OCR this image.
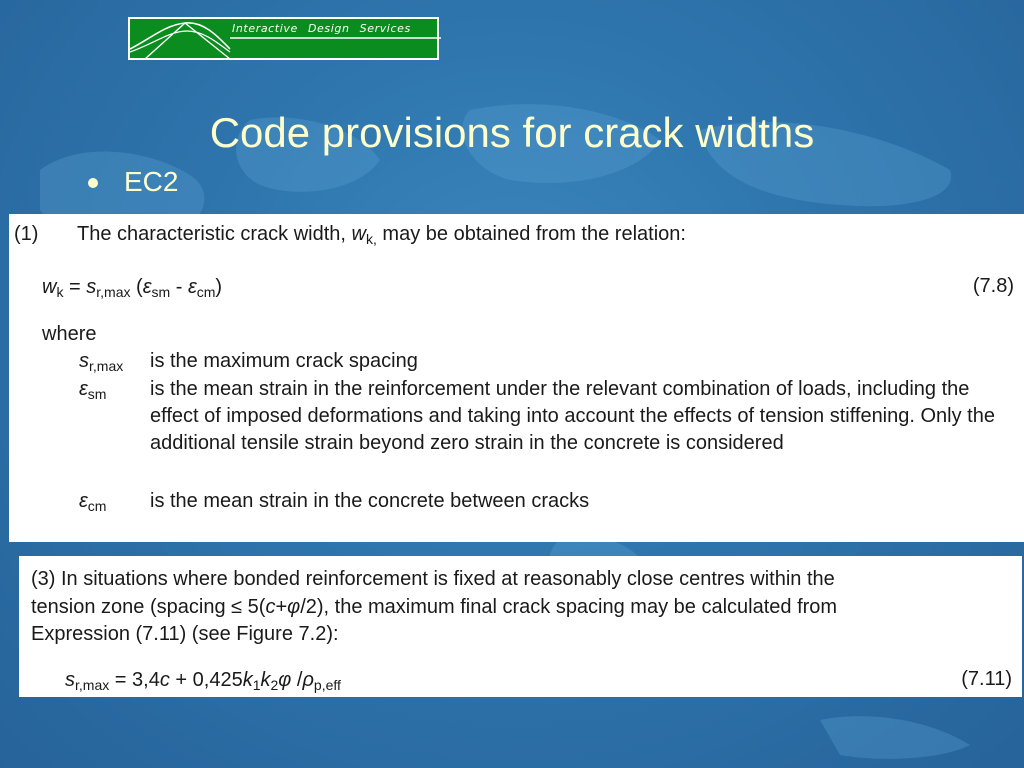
Interactive Design Services
Code provisions for crack widths
EC2
(1) The characteristic crack width, $w_{k,}$ may be obtained from the relation:
$w_k = s_{r,max}$ $(\varepsilon_{sm} - \varepsilon_{cm})$	(7.8)
where
$s_{r,max}$	is the maximum crack spacing
$\varepsilon_{sm}$	is the mean strain in the reinforcement under the relevant combination of loads, including the effect of imposed deformations and taking into account the effects of tension stiffening. Only the additional tensile strain beyond zero strain in the concrete is considered
$\varepsilon_{cm}$	is the mean strain in the concrete between cracks
(3) In situations where bonded reinforcement is fixed at reasonably close centres within the
tension zone (spacing ≤ 5(c+φ/2), the maximum final crack spacing may be calculated from
Expression (7.11) (see Figure 7.2):
$s_{r,max} = 3,4c + 0,425k_1k_2\varphi$ $/\rho_{p,eff}$	(7.11)
